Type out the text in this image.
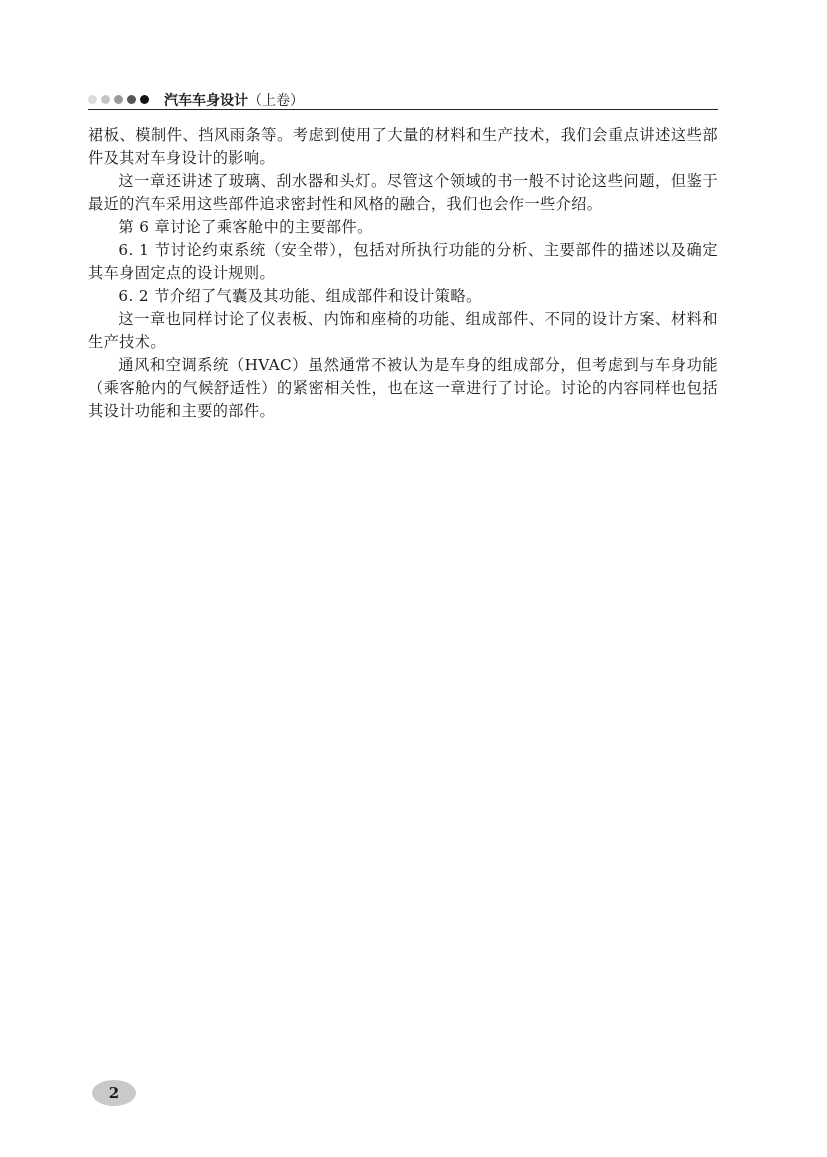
汽车车身设计（上卷）

裙板、模制件、挡风雨条等。考虑到使用了大量的材料和生产技术，我们会重点讲述这些部件及其对车身设计的影响。

这一章还讲述了玻璃、刮水器和头灯。尽管这个领域的书一般不讨论这些问题，但鉴于最近的汽车采用这些部件追求密封性和风格的融合，我们也会作一些介绍。

第 6 章讨论了乘客舱中的主要部件。

6. 1 节讨论约束系统（安全带），包括对所执行功能的分析、主要部件的描述以及确定其车身固定点的设计规则。

6. 2 节介绍了气囊及其功能、组成部件和设计策略。

这一章也同样讨论了仪表板、内饰和座椅的功能、组成部件、不同的设计方案、材料和生产技术。

通风和空调系统（HVAC）虽然通常不被认为是车身的组成部分，但考虑到与车身功能（乘客舱内的气候舒适性）的紧密相关性，也在这一章进行了讨论。讨论的内容同样也包括其设计功能和主要的部件。

2
